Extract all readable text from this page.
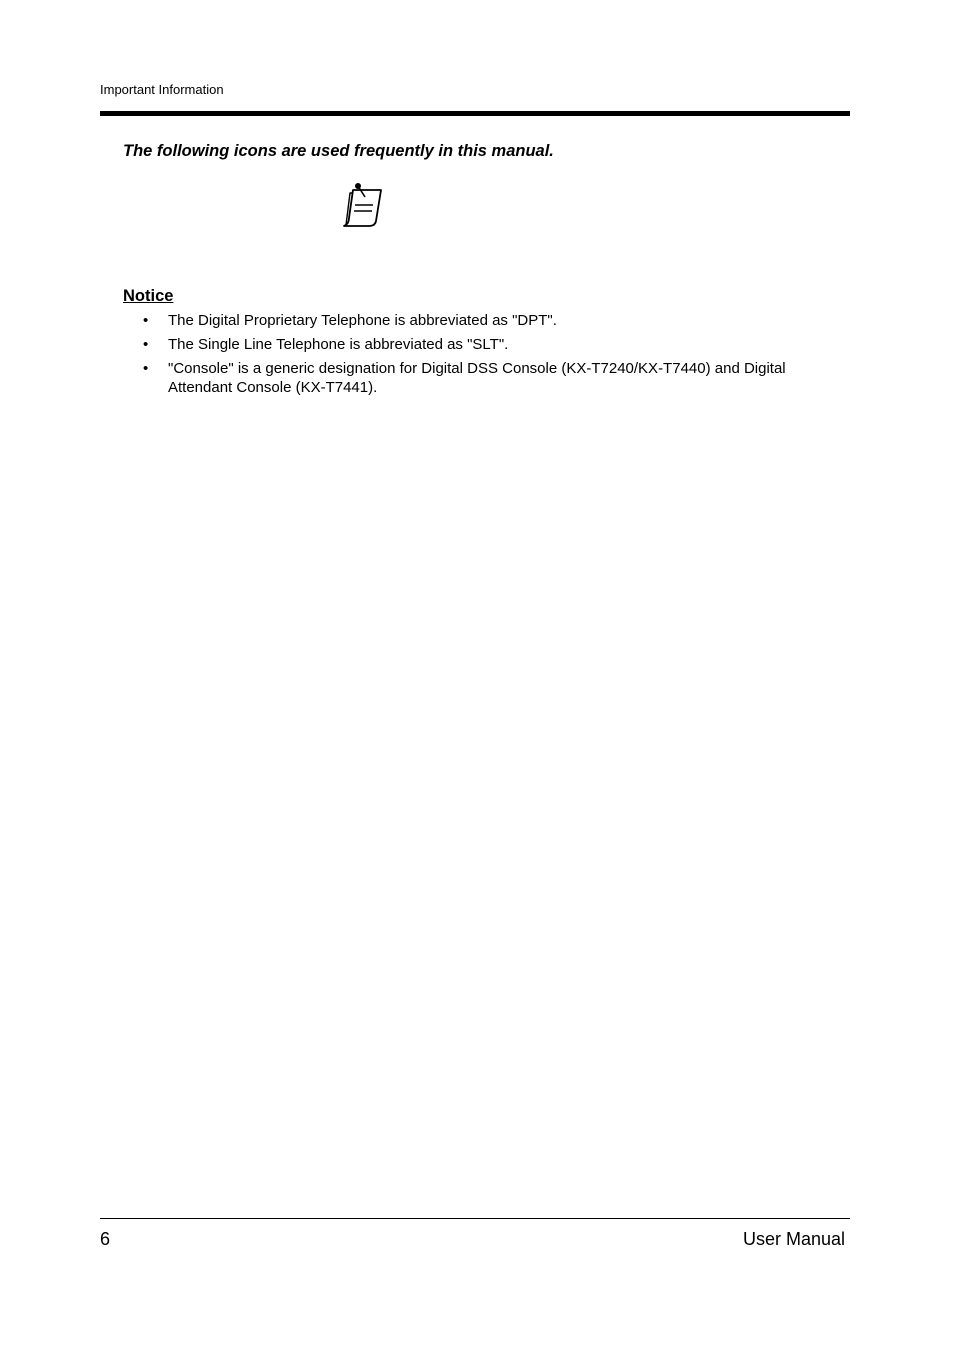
Important Information
The following icons are used frequently in this manual.
Notice
•	The Digital Proprietary Telephone is abbreviated as "DPT".
•	The Single Line Telephone is abbreviated as "SLT".
•	"Console" is a generic designation for Digital DSS Console (KX-T7240/KX-T7440) and Digital Attendant Console (KX-T7441).
6	User Manual
